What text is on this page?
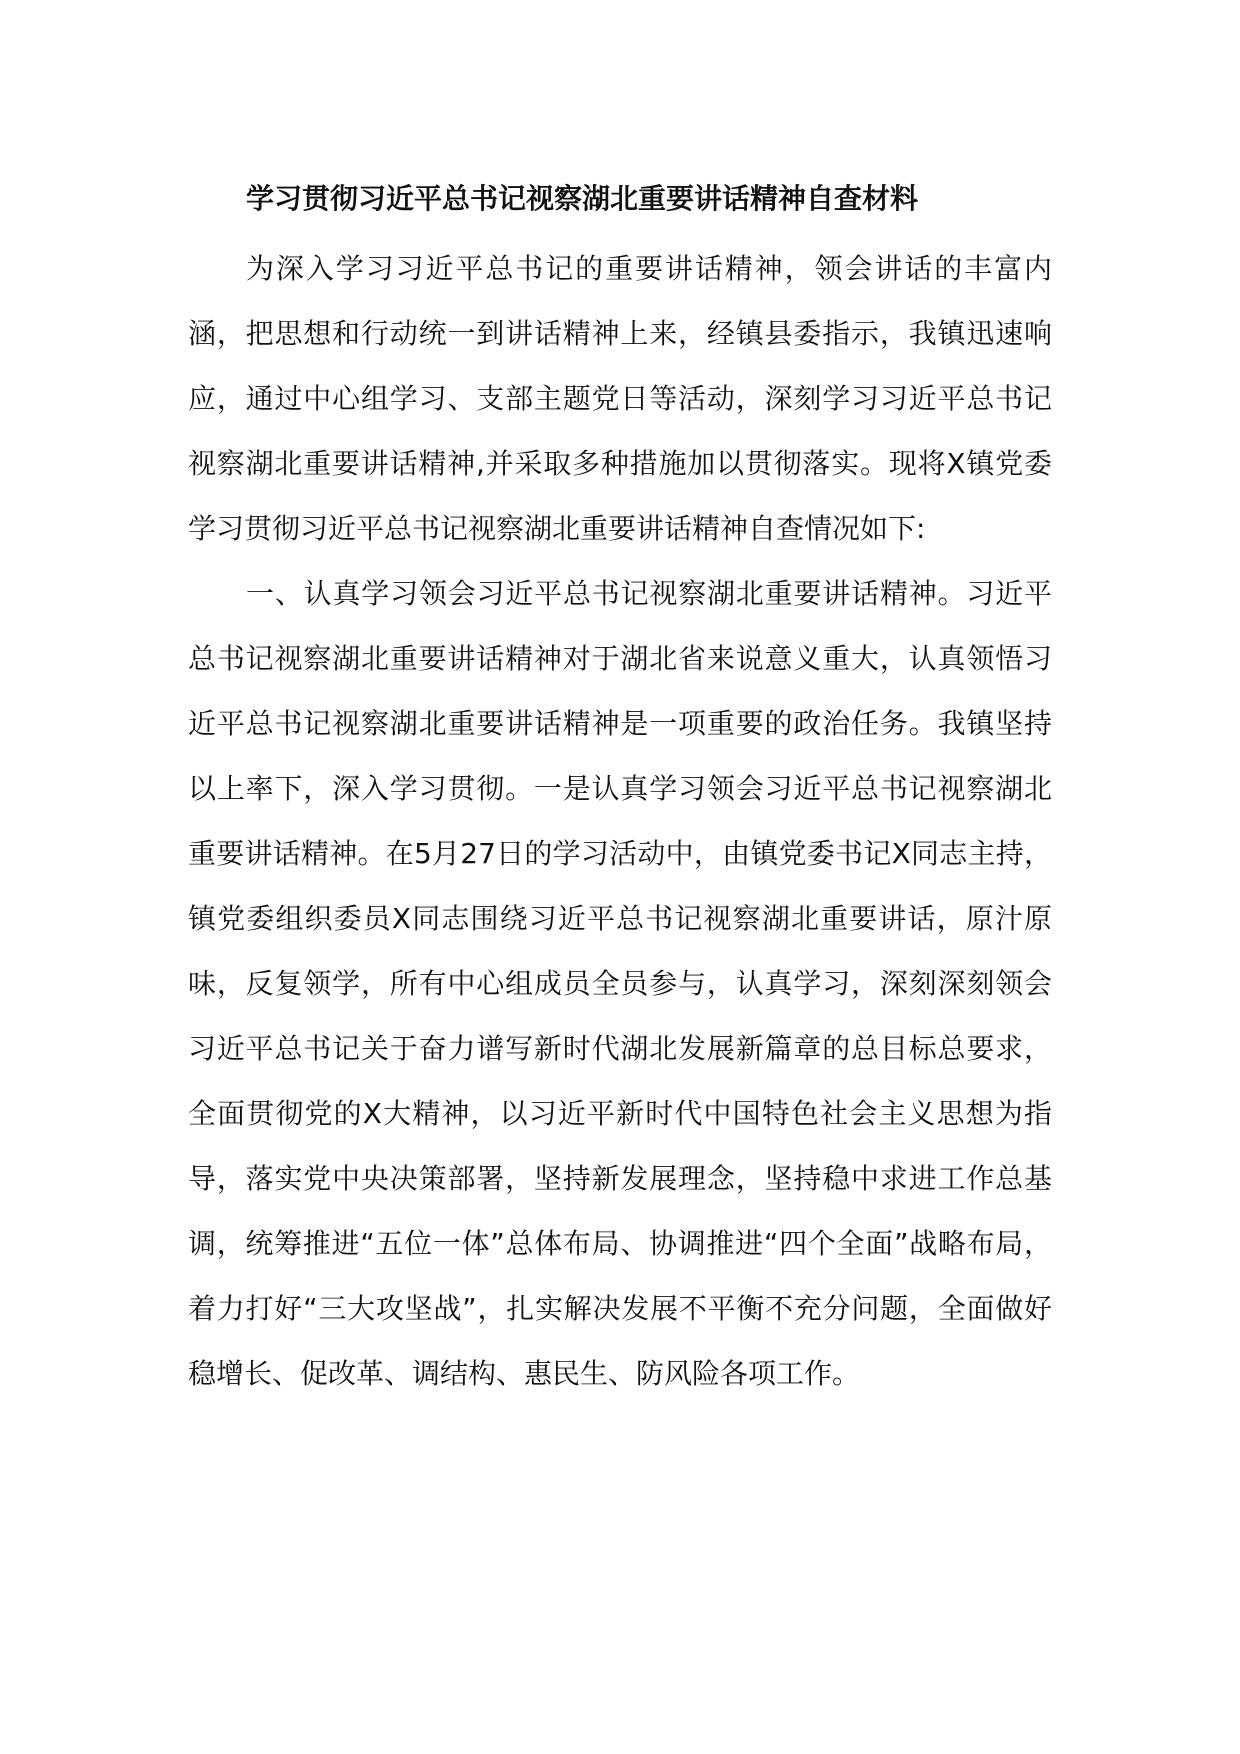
学习贯彻习近平总书记视察湖北重要讲话精神自查材料

为深入学习习近平总书记的重要讲话精神，领会讲话的丰富内涵，把思想和行动统一到讲话精神上来，经镇县委指示，我镇迅速响应，通过中心组学习、支部主题党日等活动，深刻学习习近平总书记视察湖北重要讲话精神,并采取多种措施加以贯彻落实。现将X镇党委学习贯彻习近平总书记视察湖北重要讲话精神自查情况如下:

一、认真学习领会习近平总书记视察湖北重要讲话精神。习近平总书记视察湖北重要讲话精神对于湖北省来说意义重大，认真领悟习近平总书记视察湖北重要讲话精神是一项重要的政治任务。我镇坚持以上率下，深入学习贯彻。一是认真学习领会习近平总书记视察湖北重要讲话精神。在5月27日的学习活动中，由镇党委书记X同志主持，镇党委组织委员X同志围绕习近平总书记视察湖北重要讲话，原汁原味，反复领学，所有中心组成员全员参与，认真学习，深刻深刻领会习近平总书记关于奋力谱写新时代湖北发展新篇章的总目标总要求，全面贯彻党的X大精神，以习近平新时代中国特色社会主义思想为指导，落实党中央决策部署，坚持新发展理念，坚持稳中求进工作总基调，统筹推进“五位一体”总体布局、协调推进“四个全面”战略布局，着力打好“三大攻坚战”，扎实解决发展不平衡不充分问题，全面做好稳增长、促改革、调结构、惠民生、防风险各项工作。
